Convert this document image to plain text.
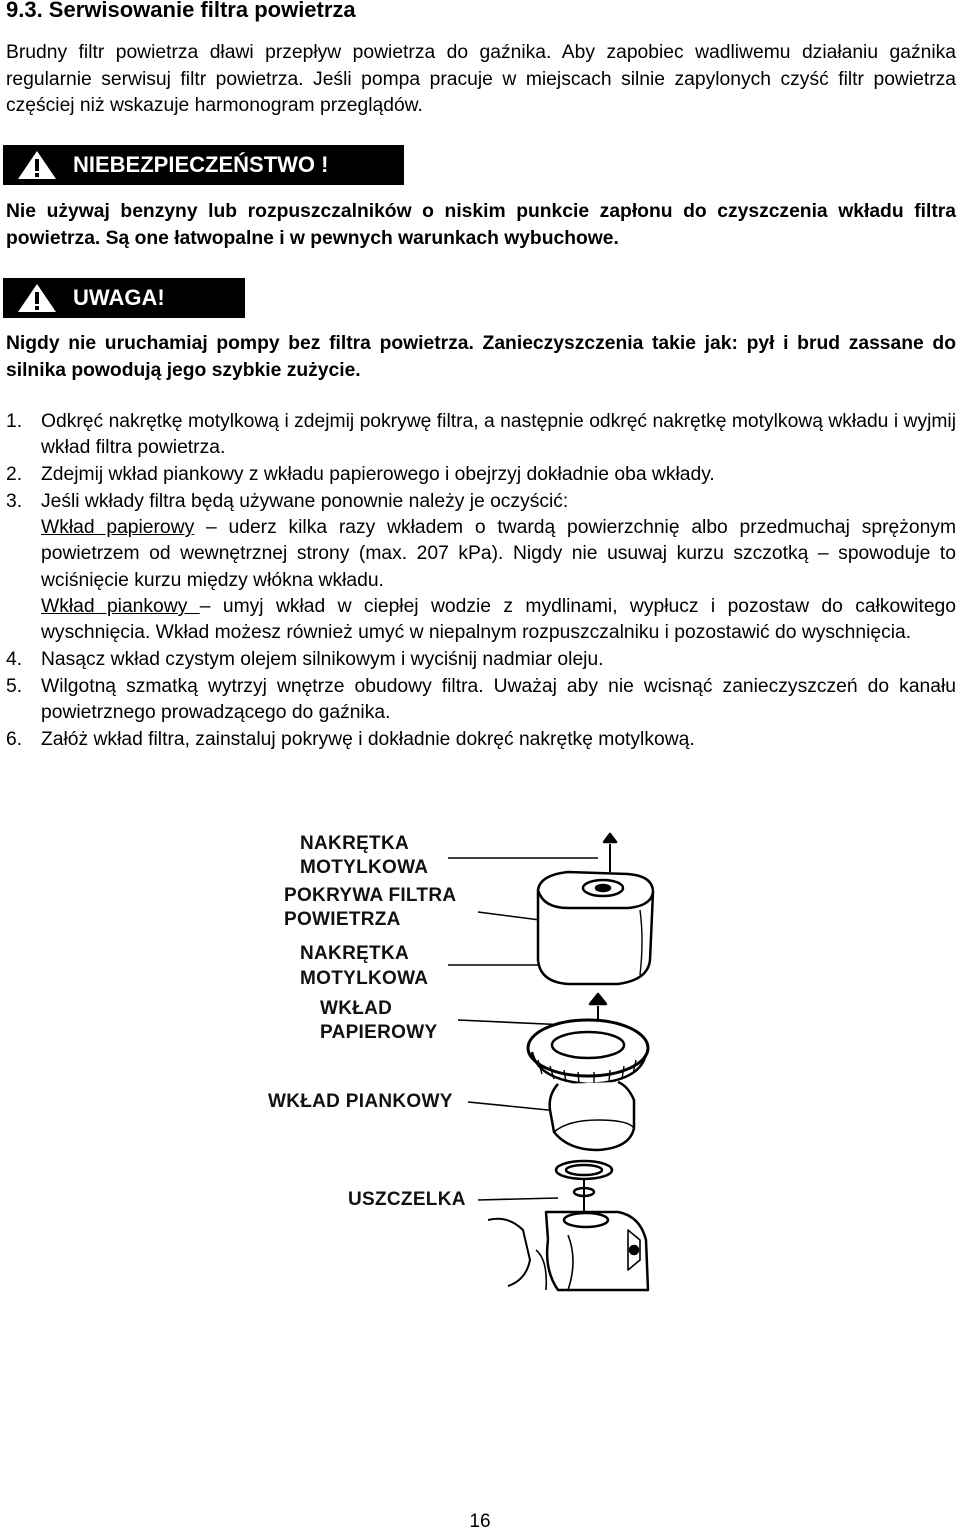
9.3. Serwisowanie filtra powietrza

Brudny filtr powietrza dławi przepływ powietrza do gaźnika. Aby zapobiec wadliwemu działaniu gaźnika regularnie serwisuj filtr powietrza. Jeśli pompa pracuje w miejscach silnie zapylonych czyść filtr powietrza częściej niż wskazuje harmonogram przeglądów.

NIEBEZPIECZEŃSTWO !

Nie używaj benzyny lub rozpuszczalników o niskim punkcie zapłonu do czyszczenia wkładu filtra powietrza. Są one łatwopalne i w pewnych warunkach wybuchowe.

UWAGA!

Nigdy nie uruchamiaj pompy bez filtra powietrza. Zanieczyszczenia takie jak: pył i brud zassane do silnika powodują jego szybkie zużycie.

1. Odkręć nakrętkę motylkową i zdejmij pokrywę filtra, a następnie odkręć nakrętkę motylkową wkładu i wyjmij wkład filtra powietrza.
2. Zdejmij wkład piankowy z wkładu papierowego i obejrzyj dokładnie oba wkłady.
3. Jeśli wkłady filtra będą używane ponownie należy je oczyścić:
Wkład papierowy – uderz kilka razy wkładem o twardą powierzchnię albo przedmuchaj sprężonym powietrzem od wewnętrznej strony (max. 207 kPa). Nigdy nie usuwaj kurzu szczotką – spowoduje to wciśnięcie kurzu między włókna wkładu.
Wkład piankowy – umyj wkład w ciepłej wodzie z mydlinami, wypłucz i pozostaw do całkowitego wyschnięcia. Wkład możesz również umyć w niepalnym rozpuszczalniku i pozostawić do wyschnięcia.
4. Nasącz wkład czystym olejem silnikowym i wyciśnij nadmiar oleju.
5. Wilgotną szmatką wytrzyj wnętrze obudowy filtra. Uważaj aby nie wcisnąć zanieczyszczeń do kanału powietrznego prowadzącego do gaźnika.
6. Załóż wkład filtra, zainstaluj pokrywę i dokładnie dokręć nakrętkę motylkową.
NAKRĘTKA
MOTYLKOWA
POKRYWA FILTRA
POWIETRZA
NAKRĘTKA
MOTYLKOWA
WKŁAD
PAPIEROWY
WKŁAD PIANKOWY
USZCZELKA
16
